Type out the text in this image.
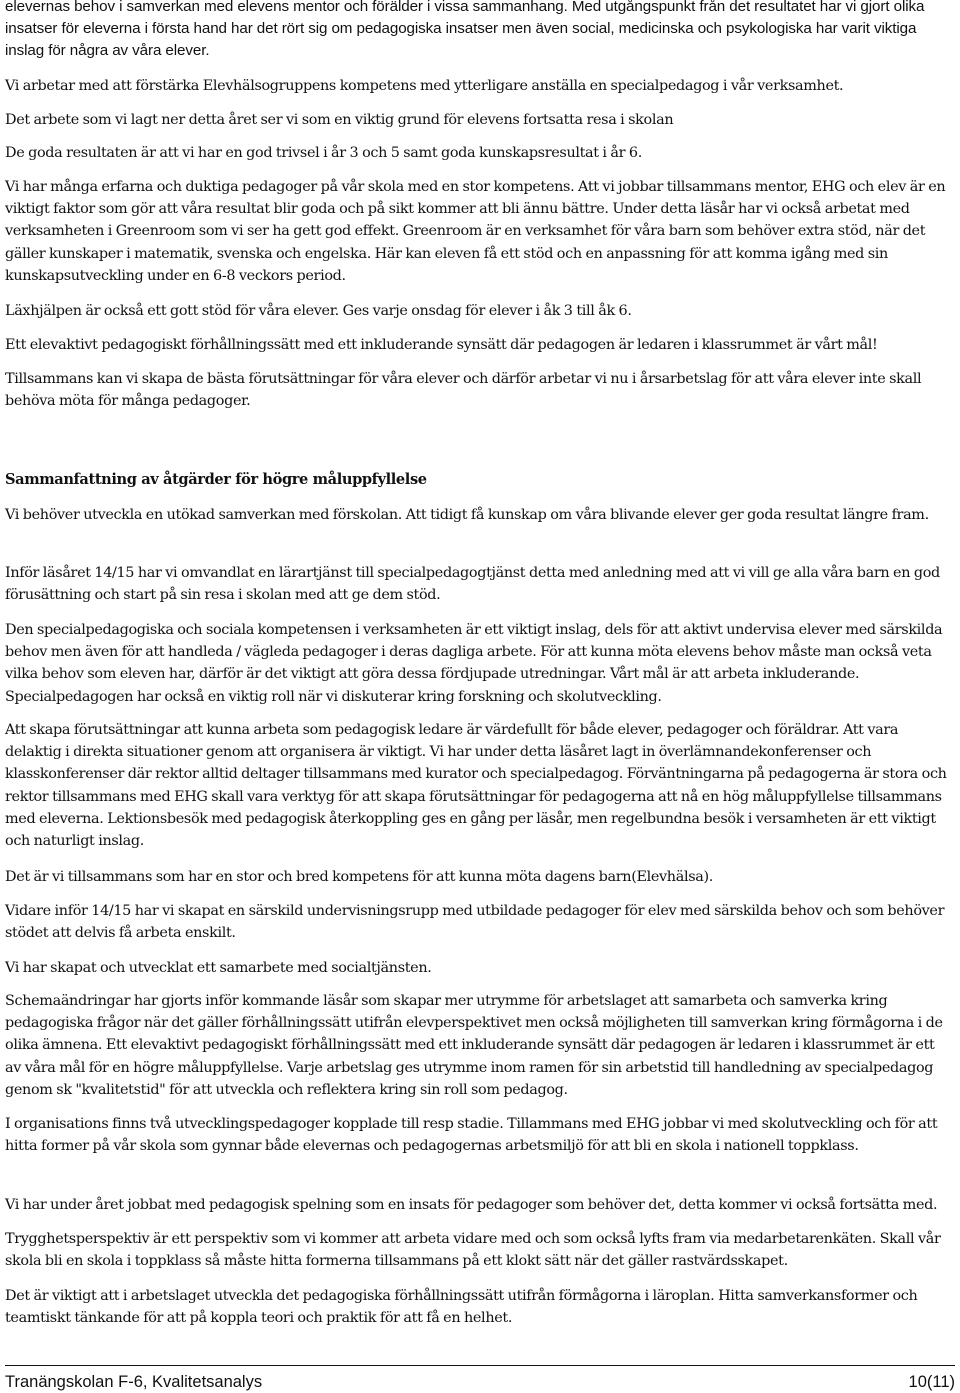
elevernas behov i samverkan med elevens mentor och förälder i vissa sammanhang. Med utgångspunkt från det resultatet har vi gjort olika insatser för eleverna i första hand har det rört sig om pedagogiska insatser men även social, medicinska och psykologiska har varit viktiga inslag för några av våra elever.

Vi arbetar med att förstärka Elevhälsogruppens kompetens med ytterligare anställa en specialpedagog i vår verksamhet.

Det arbete som vi lagt ner detta året ser vi som en viktig grund för elevens fortsatta resa i skolan

De goda resultaten är att vi har en god trivsel i år 3 och 5 samt goda kunskapsresultat i år 6.

Vi har många erfarna och duktiga pedagoger på vår skola med en stor kompetens. Att vi jobbar tillsammans mentor, EHG och elev är en viktigt faktor som gör att våra resultat blir goda och på sikt kommer att bli ännu bättre. Under detta läsår har vi också arbetat med verksamheten i Greenroom som vi ser ha gett god effekt. Greenroom är en verksamhet för våra barn som behöver extra stöd, när det gäller kunskaper i matematik, svenska och engelska. Här kan eleven få ett stöd och en anpassning för att komma igång med sin kunskapsutveckling under en 6-8 veckors period.

Läxhjälpen är också ett gott stöd för våra elever. Ges varje onsdag för elever i åk 3 till åk 6.

Ett elevaktivt pedagogiskt förhållningssätt med ett inkluderande synsätt där pedagogen är ledaren i klassrummet är vårt mål!

Tillsammans kan vi skapa de bästa förutsättningar för våra elever och därför arbetar vi nu i årsarbetslag för att våra elever inte skall behöva möta för många pedagoger.

Sammanfattning av åtgärder för högre måluppfyllelse

Vi behöver utveckla en utökad samverkan med förskolan. Att tidigt få kunskap om våra blivande elever ger goda resultat längre fram.

Inför läsåret 14/15 har vi omvandlat en lärartjänst till specialpedagogtjänst detta med anledning med att vi vill ge alla våra barn en god förusättning och start på sin resa i skolan med att ge dem stöd.

Den specialpedagogiska och sociala kompetensen i verksamheten är ett viktigt inslag, dels för att aktivt undervisa elever med särskilda behov men även för att handleda / vägleda pedagoger i deras dagliga arbete. För att kunna möta elevens behov måste man också veta vilka behov som eleven har, därför är det viktigt att göra dessa fördjupade utredningar. Vårt mål är att arbeta inkluderande. Specialpedagogen har också en viktig roll när vi diskuterar kring forskning och skolutveckling.

Att skapa förutsättningar att kunna arbeta som pedagogisk ledare är värdefullt för både elever, pedagoger och föräldrar. Att vara delaktig i direkta situationer genom att organisera är viktigt. Vi har under detta läsåret lagt in överlämnandekonferenser och klasskonferenser där rektor alltid deltager tillsammans med kurator och specialpedagog. Förväntningarna på pedagogerna är stora och rektor tillsammans med EHG skall vara verktyg för att skapa förutsättningar för pedagogerna att nå en hög måluppfyllelse tillsammans med eleverna. Lektionsbesök med pedagogisk återkoppling ges en gång per läsår, men regelbundna besök i versamheten är ett viktigt och naturligt inslag.

Det är vi tillsammans som har en stor och bred kompetens för att kunna möta dagens barn(Elevhälsa).

Vidare inför 14/15 har vi skapat en särskild undervisningsrupp med utbildade pedagoger för elev med särskilda behov och som behöver stödet att delvis få arbeta enskilt.

Vi har skapat och utvecklat ett samarbete med socialtjänsten.

Schemaändringar har gjorts inför kommande läsår som skapar mer utrymme för arbetslaget att samarbeta och samverka kring pedagogiska frågor när det gäller förhållningssätt utifrån elevperspektivet men också möjligheten till samverkan kring förmågorna i de olika ämnena. Ett elevaktivt pedagogiskt förhållningssätt med ett inkluderande synsätt där pedagogen är ledaren i klassrummet är ett av våra mål för en högre måluppfyllelse. Varje arbetslag ges utrymme inom ramen för sin arbetstid till handledning av specialpedagog genom sk "kvalitetstid" för att utveckla och reflektera kring sin roll som pedagog.

I organisations finns två utvecklingspedagoger kopplade till resp stadie. Tillammans med EHG jobbar vi med skolutveckling och för att hitta former på vår skola som gynnar både elevernas och pedagogernas arbetsmiljö för att bli en skola i nationell toppklass.

Vi har under året jobbat med pedagogisk spelning som en insats för pedagoger som behöver det, detta kommer vi också fortsätta med.

Trygghetsperspektiv är ett perspektiv som vi kommer att arbeta vidare med och som också lyfts fram via medarbetarenkäten. Skall vår skola bli en skola i toppklass så måste hitta formerna tillsammans på ett klokt sätt när det gäller rastvärdsskapet.

Det är viktigt att i arbetslaget utvecklа det pedagogiska förhållningssätt utifrån förmågorna i läroplan. Hitta samverkansformer och teamtiskt tänkande för att på koppla teori och praktik för att få en helhet.

Tranängskolan F-6, Kvalitetsanalys	10(11)
